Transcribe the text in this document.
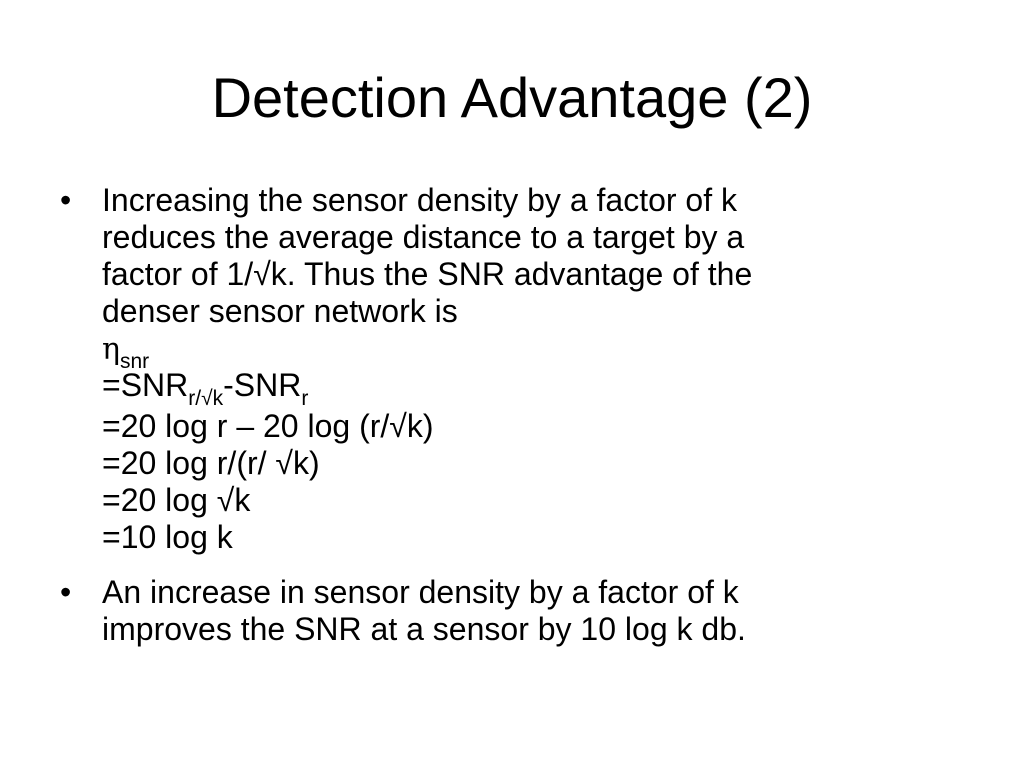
Detection Advantage (2)
• Increasing the sensor density by a factor of k
reduces the average distance to a target by a
factor of 1/√k. Thus the SNR advantage of the
denser sensor network is
$\eta_{snr}$
$=SNR_{r/√k}-SNR_r$
=20 log r – 20 log (r/√k)
=20 log r/(r/ √k)
=20 log √k
=10 log k
• An increase in sensor density by a factor of k
improves the SNR at a sensor by 10 log k db.
